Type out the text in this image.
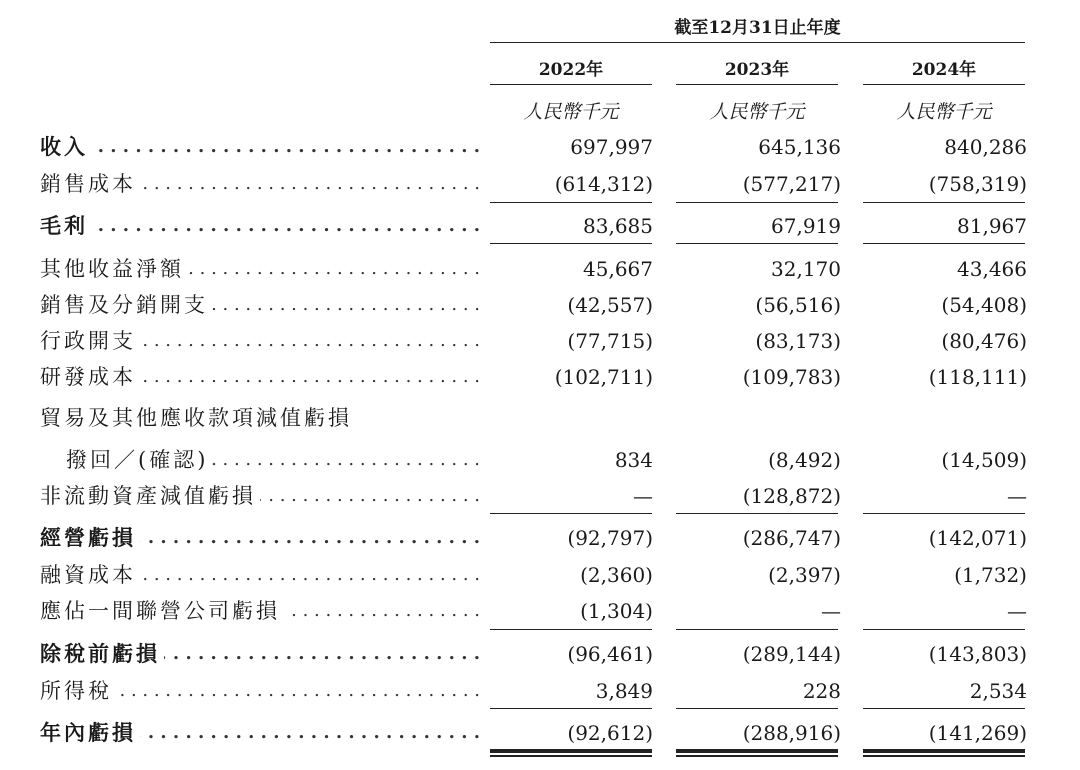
截至12月31日止年度
2022年	2023年	2024年
人民幣千元	人民幣千元	人民幣千元
. . .
收入	697,997	645,136	840,286
. . .
銷售成本	(614,312)	(577,217)	(758,319)
. . .
毛利	83,685	67,919	81,967
. . .
其他收益淨額	45,667	32,170	43,466
. . .
銷售及分銷開支	(42,557)	(56,516)	(54,408)
. . .
行政開支	(77,715)	(83,173)	(80,476)
. . .
研發成本	(102,711)	(109,783)	(118,111)
貿易及其他應收款項減值虧損
. . .
撥回／(確認)	834	(8,492)	(14,509)
. . .
非流動資產減值虧損	—	(128,872)	—
. . .
經營虧損	(92,797)	(286,747)	(142,071)
. . .
融資成本	(2,360)	(2,397)	(1,732)
. . .
應佔一間聯營公司虧損	(1,304)	—	—
. . .
除稅前虧損	(96,461)	(289,144)	(143,803)
. . .
所得稅	3,849	228	2,534
. . .
年內虧損	(92,612)	(288,916)	(141,269)
